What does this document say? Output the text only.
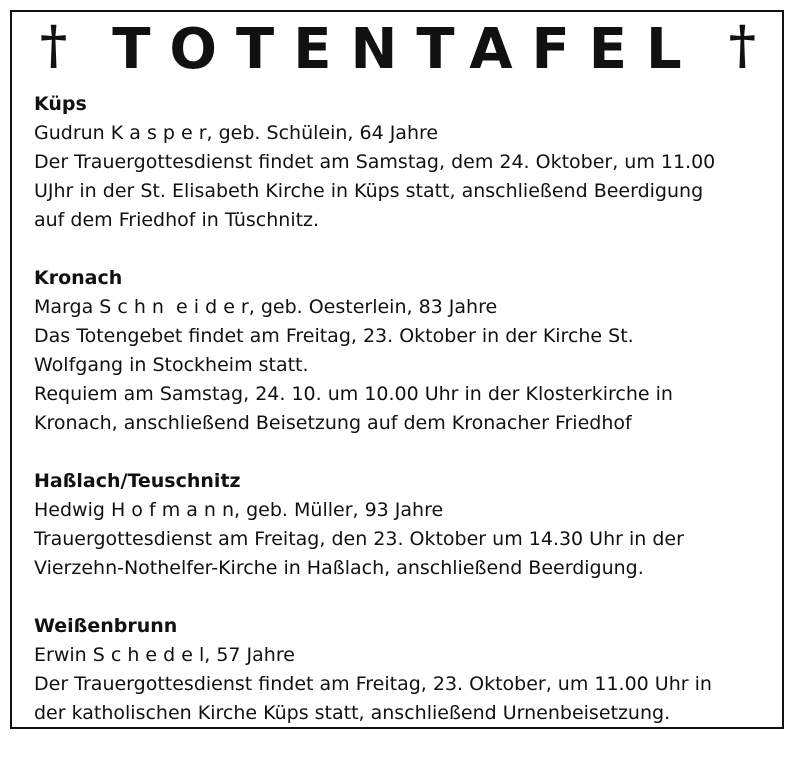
† TOTENTAFEL †
Küps
Gudrun K a s p e r, geb. Schülein, 64 Jahre
Der Trauergottesdienst findet am Samstag, dem 24. Oktober, um 11.00
UJhr in der St. Elisabeth Kirche in Küps statt, anschließend Beerdigung
auf dem Friedhof in Tüschnitz.
Kronach
Marga S c h n  e i d e r, geb. Oesterlein, 83 Jahre
Das Totengebet findet am Freitag, 23. Oktober in der Kirche St.
Wolfgang in Stockheim statt.
Requiem am Samstag, 24. 10. um 10.00 Uhr in der Klosterkirche in
Kronach, anschließend Beisetzung auf dem Kronacher Friedhof
Haßlach/Teuschnitz
Hedwig H o f m a n n, geb. Müller, 93 Jahre
Trauergottesdienst am Freitag, den 23. Oktober um 14.30 Uhr in der
Vierzehn-Nothelfer-Kirche in Haßlach, anschließend Beerdigung.
Weißenbrunn
Erwin S c h e d e l, 57 Jahre
Der Trauergottesdienst findet am Freitag, 23. Oktober, um 11.00 Uhr in
der katholischen Kirche Küps statt, anschließend Urnenbeisetzung.
